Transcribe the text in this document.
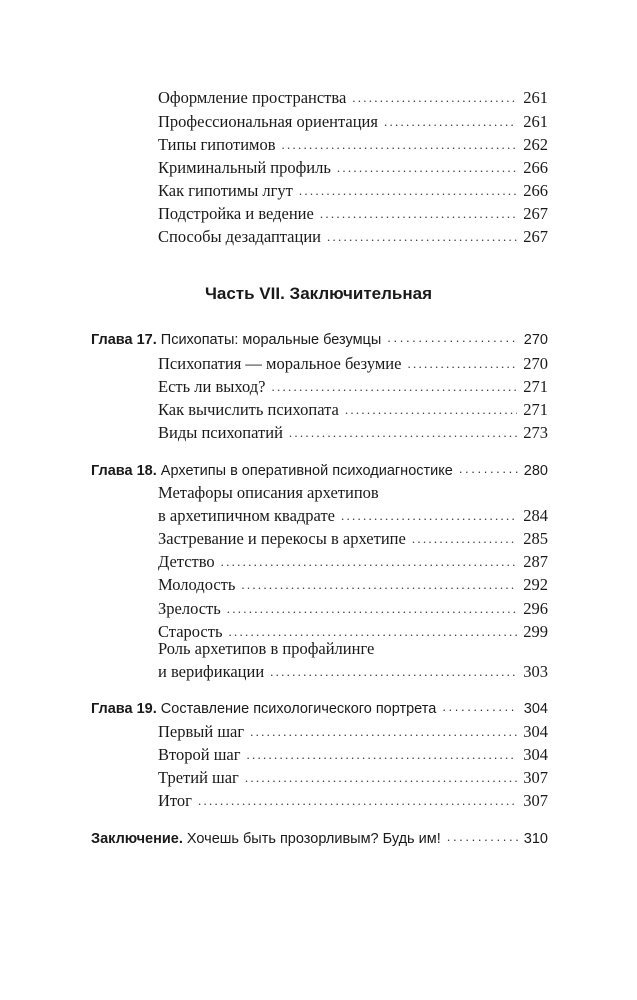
Оформление пространства . . .	261
Профессиональная ориентация . . .	261
Типы гипотимов . . .	262
Криминальный профиль . . .	266
Как гипотимы лгут . . .	266
Подстройка и ведение . . .	267
Способы дезадаптации . . .	267
Часть VII. Заключительная
Глава 17. Психопаты: моральные безумцы . . .	270
Психопатия — моральное безумие . . .	270
Есть ли выход? . . .	271
Как вычислить психопата . . .	271
Виды психопатий . . .	273
Глава 18. Архетипы в оперативной психодиагностике . . .	280
Метафоры описания архетипов
в архетипичном квадрате . . .	284
Застревание и перекосы в архетипе . . .	285
Детство . . .	287
Молодость . . .	292
Зрелость . . .	296
Старость . . .	299
Роль архетипов в профайлинге
и верификации . . .	303
Глава 19. Составление психологического портрета . . .	304
Первый шаг . . .	304
Второй шаг . . .	304
Третий шаг . . .	307
Итог . . .	307
Заключение. Хочешь быть прозорливым? Будь им! . . .	310
